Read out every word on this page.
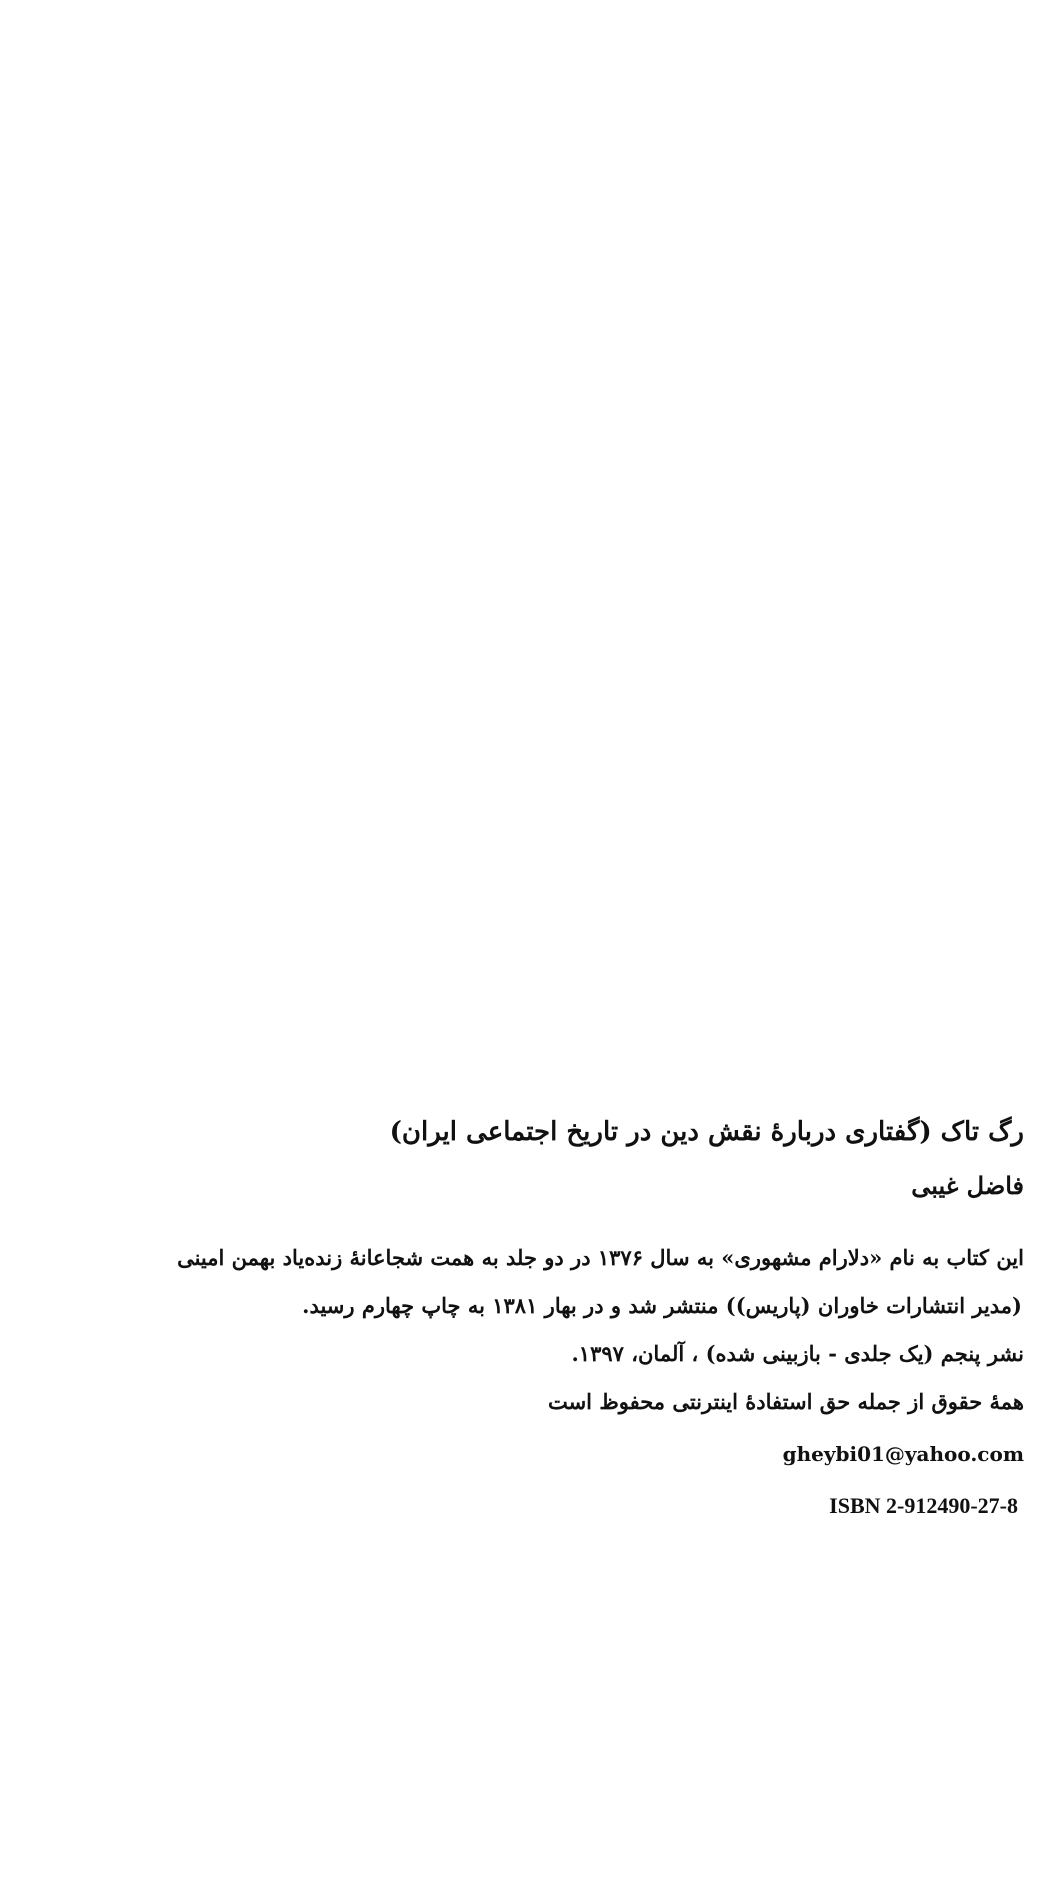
رگ تاک (گفتاری دربارهٔ نقش دین در تاریخ اجتماعی ایران)

فاضل غیبی

این کتاب به نام «دلارام مشهوری» به سال ۱۳۷۶ در دو جلد به همت شجاعانهٔ زنده‌یاد بهمن امینی

(مدیر انتشارات خاوران (پاریس)) منتشر شد و در بهار ۱۳۸۱ به چاپ چهارم رسید.

نشر پنجم (یک جلدی - بازبینی شده) ، آلمان، ۱۳۹۷.

همهٔ حقوق از جمله حق استفادهٔ اینترنتی محفوظ است

gheybi01@yahoo.com

ISBN 2-912490-27-8
